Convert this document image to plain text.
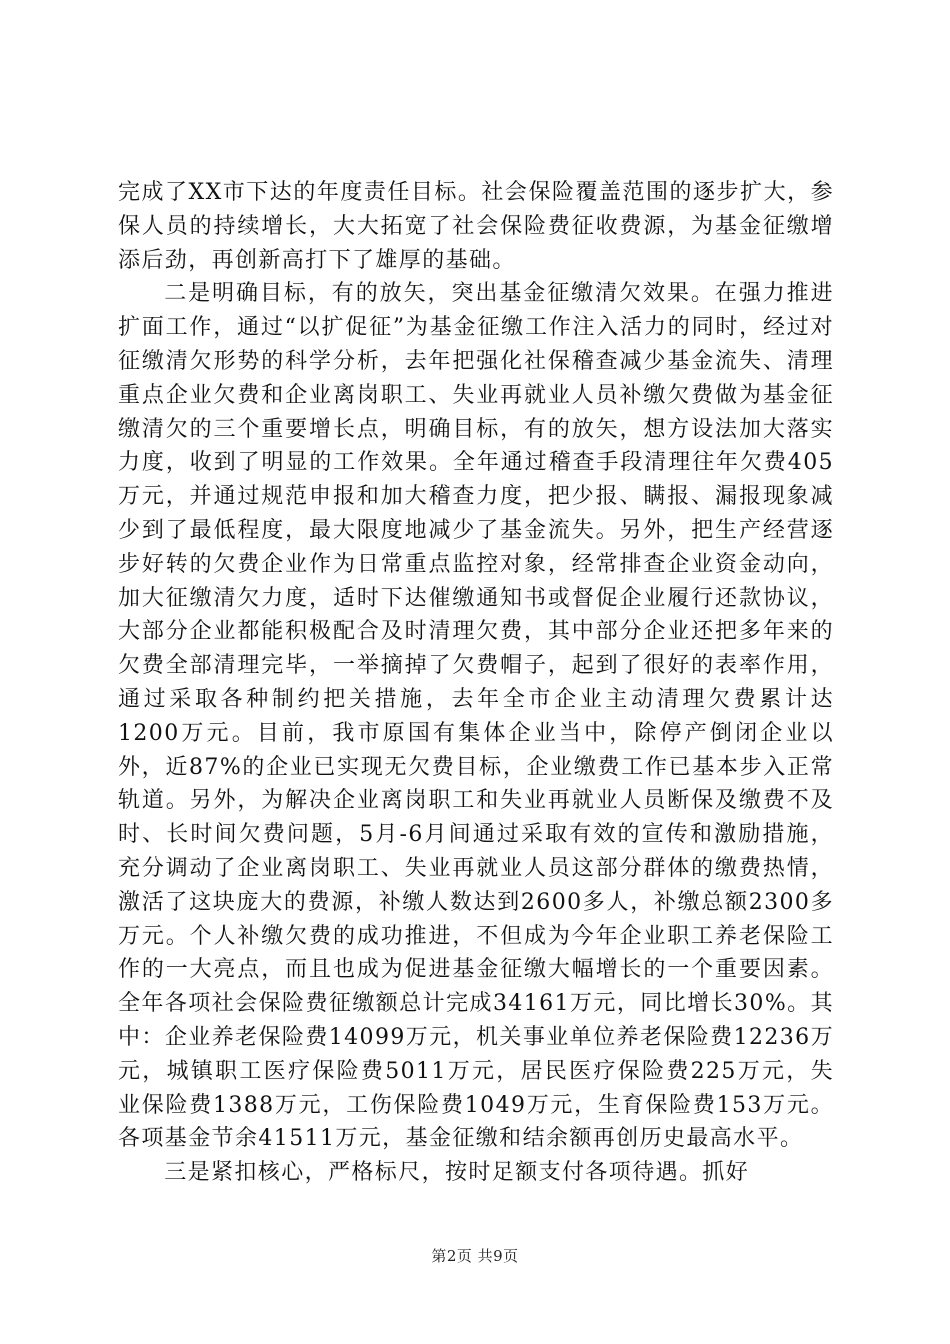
完成了XX市下达的年度责任目标。社会保险覆盖范围的逐步扩大，参保人员的持续增长，大大拓宽了社会保险费征收费源，为基金征缴增添后劲，再创新高打下了雄厚的基础。

二是明确目标，有的放矢，突出基金征缴清欠效果。在强力推进扩面工作，通过“以扩促征”为基金征缴工作注入活力的同时，经过对征缴清欠形势的科学分析，去年把强化社保稽查减少基金流失、清理重点企业欠费和企业离岗职工、失业再就业人员补缴欠费做为基金征缴清欠的三个重要增长点，明确目标，有的放矢，想方设法加大落实力度，收到了明显的工作效果。全年通过稽查手段清理往年欠费405万元，并通过规范申报和加大稽查力度，把少报、瞒报、漏报现象减少到了最低程度，最大限度地减少了基金流失。另外，把生产经营逐步好转的欠费企业作为日常重点监控对象，经常排查企业资金动向，加大征缴清欠力度，适时下达催缴通知书或督促企业履行还款协议，大部分企业都能积极配合及时清理欠费，其中部分企业还把多年来的欠费全部清理完毕，一举摘掉了欠费帽子，起到了很好的表率作用，通过采取各种制约把关措施，去年全市企业主动清理欠费累计达1200万元。目前，我市原国有集体企业当中，除停产倒闭企业以外，近87%的企业已实现无欠费目标，企业缴费工作已基本步入正常轨道。另外，为解决企业离岗职工和失业再就业人员断保及缴费不及时、长时间欠费问题，5月-6月间通过采取有效的宣传和激励措施，充分调动了企业离岗职工、失业再就业人员这部分群体的缴费热情，激活了这块庞大的费源，补缴人数达到2600多人，补缴总额2300多万元。个人补缴欠费的成功推进，不但成为今年企业职工养老保险工作的一大亮点，而且也成为促进基金征缴大幅增长的一个重要因素。全年各项社会保险费征缴额总计完成34161万元，同比增长30%。其中：企业养老保险费14099万元，机关事业单位养老保险费12236万元，城镇职工医疗保险费5011万元，居民医疗保险费225万元，失业保险费1388万元，工伤保险费1049万元，生育保险费153万元。各项基金节余41511万元，基金征缴和结余额再创历史最高水平。

三是紧扣核心，严格标尺，按时足额支付各项待遇。抓好

第2页 共9页
